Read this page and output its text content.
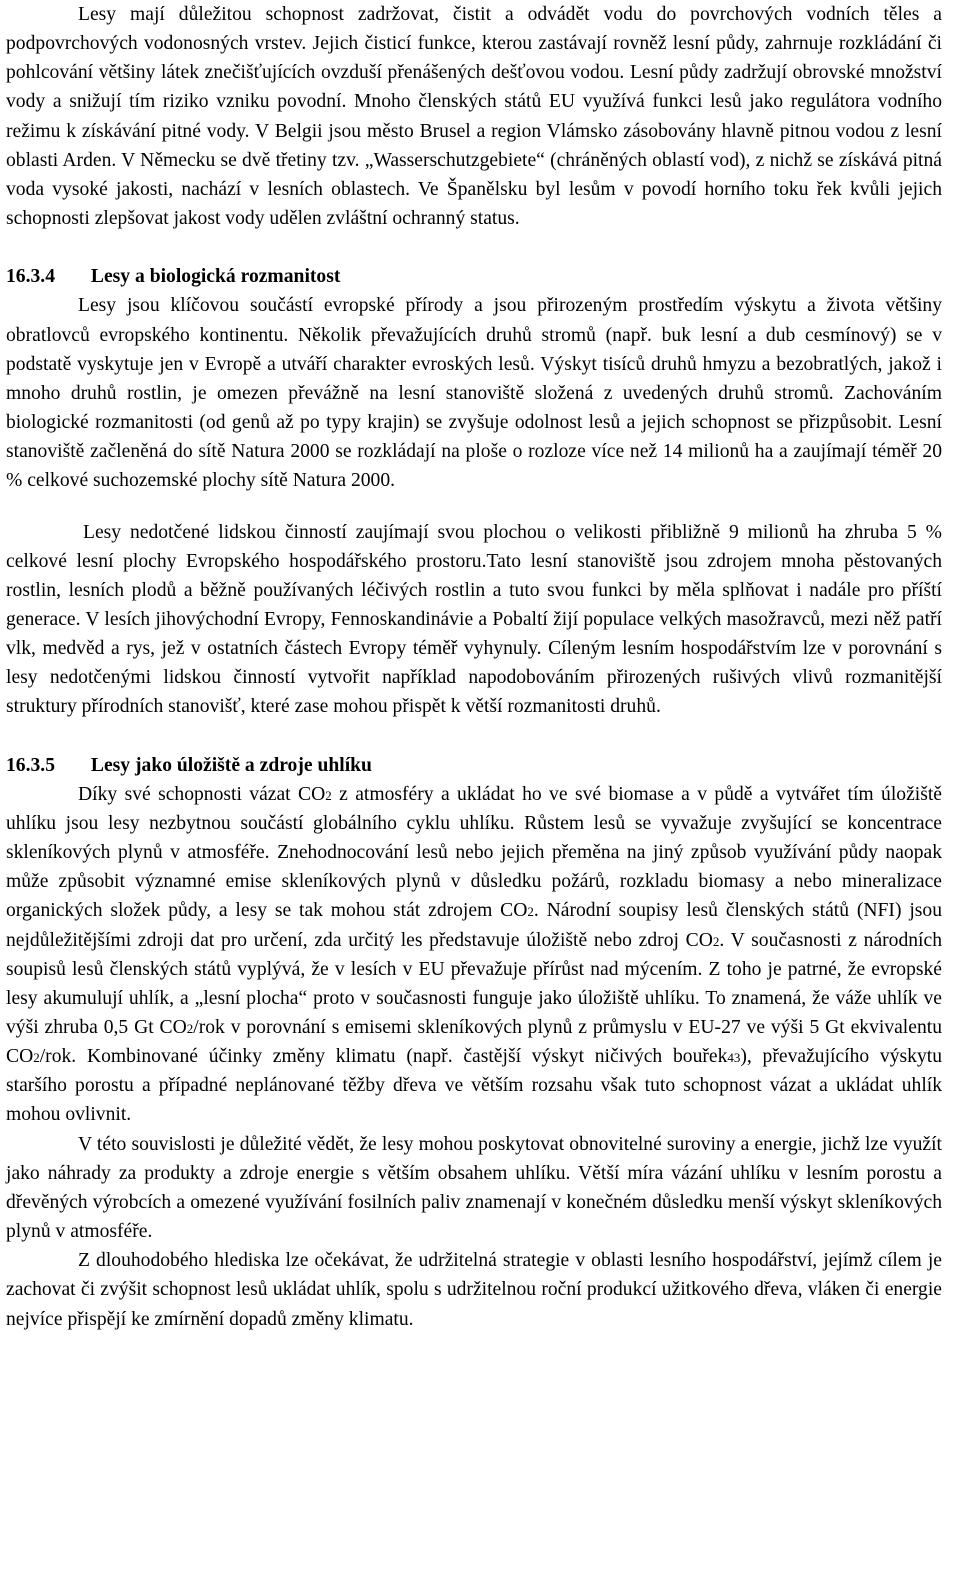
Lesy mají důležitou schopnost zadržovat, čistit a odvádět vodu do povrchových vodních těles a podpovrchových vodonosných vrstev. Jejich čisticí funkce, kterou zastávají rovněž lesní půdy, zahrnuje rozkládání či pohlcování většiny látek znečišťujících ovzduší přenášených dešťovou vodou. Lesní půdy zadržují obrovské množství vody a snižují tím riziko vzniku povodní. Mnoho členských států EU využívá funkci lesů jako regulátora vodního režimu k získávání pitné vody. V Belgii jsou město Brusel a region Vlámsko zásobovány hlavně pitnou vodou z lesní oblasti Arden. V Německu se dvě třetiny tzv. „Wasserschutzgebiete“ (chráněných oblastí vod), z nichž se získává pitná voda vysoké jakosti, nachází v lesních oblastech. Ve Španělsku byl lesům v povodí horního toku řek kvůli jejich schopnosti zlepšovat jakost vody udělen zvláštní ochranný status.

16.3.4 Lesy a biologická rozmanitost

Lesy jsou klíčovou součástí evropské přírody a jsou přirozeným prostředím výskytu a života většiny obratlovců evropského kontinentu. Několik převažujících druhů stromů (např. buk lesní a dub cesmínový) se v podstatě vyskytuje jen v Evropě a utváří charakter evroských lesů. Výskyt tisíců druhů hmyzu a bezobratlých, jakož i mnoho druhů rostlin, je omezen převážně na lesní stanoviště složená z uvedených druhů stromů. Zachováním biologické rozmanitosti (od genů až po typy krajin) se zvyšuje odolnost lesů a jejich schopnost se přizpůsobit. Lesní stanoviště začleněná do sítě Natura 2000 se rozkládají na ploše o rozloze více než 14 milionů ha a zaujímají téměř 20 % celkové suchozemské plochy sítě Natura 2000.

Lesy nedotčené lidskou činností zaujímají svou plochou o velikosti přibližně 9 milionů ha zhruba 5 % celkové lesní plochy Evropského hospodářského prostoru.Tato lesní stanoviště jsou zdrojem mnoha pěstovaných rostlin, lesních plodů a běžně používaných léčivých rostlin a tuto svou funkci by měla splňovat i nadále pro příští generace. V lesích jihovýchodní Evropy, Fennoskandinávie a Pobaltí žijí populace velkých masožravců, mezi něž patří vlk, medvěd a rys, jež v ostatních částech Evropy téměř vyhynuly. Cíleným lesním hospodářstvím lze v porovnání s lesy nedotčenými lidskou činností vytvořit například napodobováním přirozených rušivých vlivů rozmanitější struktury přírodních stanovišť, které zase mohou přispět k větší rozmanitosti druhů.

16.3.5 Lesy jako úložiště a zdroje uhlíku

Díky své schopnosti vázat CO2 z atmosféry a ukládat ho ve své biomase a v půdě a vytvářet tím úložiště uhlíku jsou lesy nezbytnou součástí globálního cyklu uhlíku. Růstem lesů se vyvažuje zvyšující se koncentrace skleníkových plynů v atmosféře. Znehodnocování lesů nebo jejich přeměna na jiný způsob využívání půdy naopak může způsobit významné emise skleníkových plynů v důsledku požárů, rozkladu biomasy a nebo mineralizace organických složek půdy, a lesy se tak mohou stát zdrojem CO2. Národní soupisy lesů členských států (NFI) jsou nejdůležitějšími zdroji dat pro určení, zda určitý les představuje úložiště nebo zdroj CO2. V současnosti z národních soupisů lesů členských států vyplývá, že v lesích v EU převažuje přírůst nad mýcením. Z toho je patrné, že evropské lesy akumulují uhlík, a „lesní plocha“ proto v současnosti funguje jako úložiště uhlíku. To znamená, že váže uhlík ve výši zhruba 0,5 Gt CO2/rok v porovnání s emisemi skleníkových plynů z průmyslu v EU-27 ve výši 5 Gt ekvivalentu CO2/rok. Kombinované účinky změny klimatu (např. častější výskyt ničivých bouřek43), převažujícího výskytu staršího porostu a případné neplánované těžby dřeva ve větším rozsahu však tuto schopnost vázat a ukládat uhlík mohou ovlivnit.

V této souvislosti je důležité vědět, že lesy mohou poskytovat obnovitelné suroviny a energie, jichž lze využít jako náhrady za produkty a zdroje energie s větším obsahem uhlíku. Větší míra vázání uhlíku v lesním porostu a dřevěných výrobcích a omezené využívání fosilních paliv znamenají v konečném důsledku menší výskyt skleníkových plynů v atmosféře.

Z dlouhodobého hlediska lze očekávat, že udržitelná strategie v oblasti lesního hospodářství, jejímž cílem je zachovat či zvýšit schopnost lesů ukládat uhlík, spolu s udržitelnou roční produkcí užitkového dřeva, vláken či energie nejvíce přispějí ke zmírnění dopadů změny klimatu.
